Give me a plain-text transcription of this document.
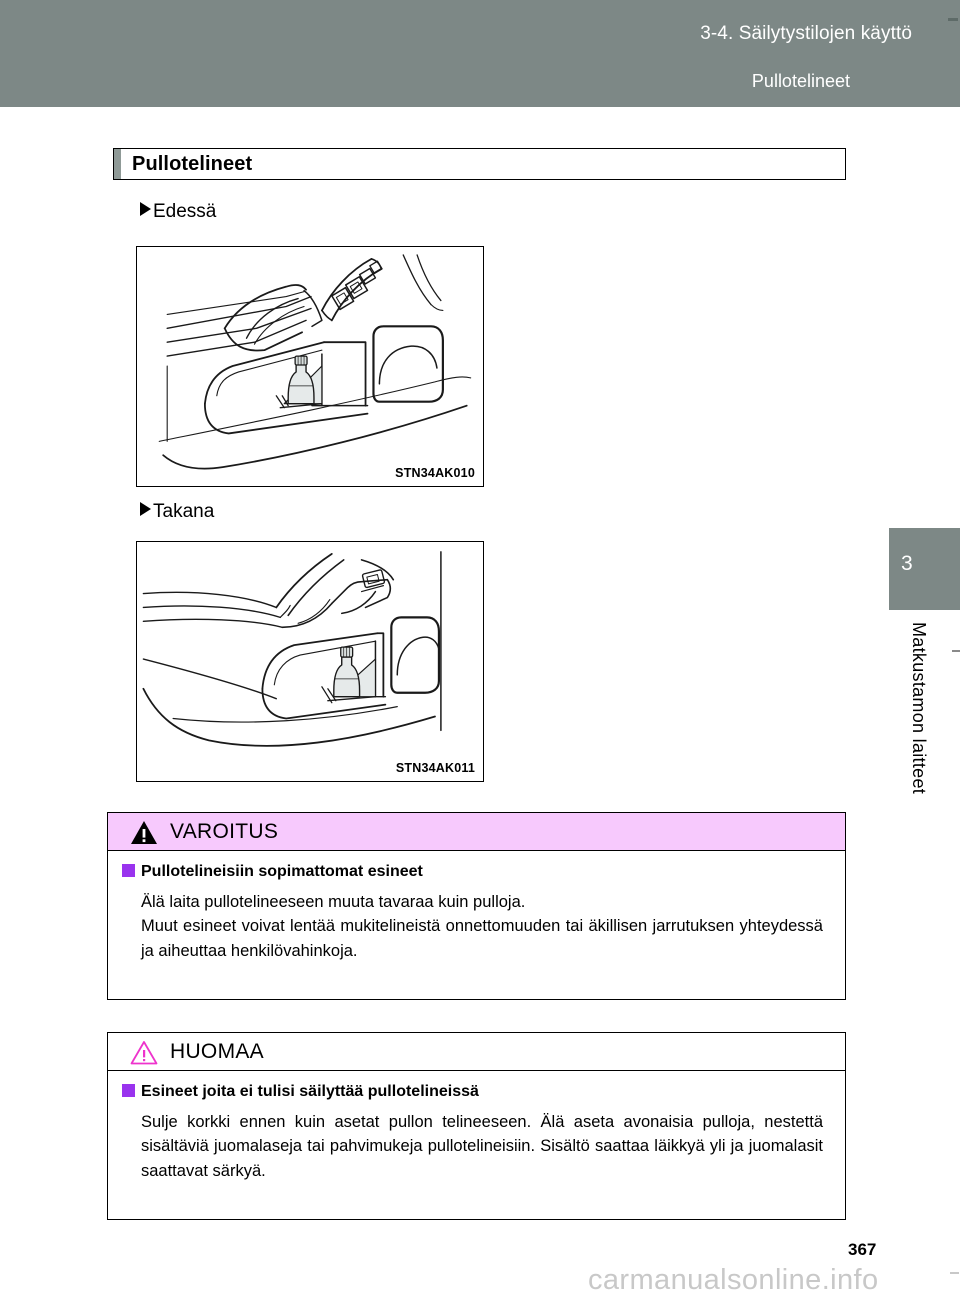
3-4. Säilytystilojen käyttö
Pullotelineet
3
Matkustamon laitteet
Pullotelineet
Edessä
STN34AK010
Takana
STN34AK011
VAROITUS
Pullotelineisiin sopimattomat esineet

Älä laita pullotelineeseen muuta tavaraa kuin pulloja.

Muut esineet voivat lentää mukitelineistä onnettomuuden tai äkillisen jarrutuksen yhteydessä ja aiheuttaa henkilövahinkoja.

HUOMAA
Esineet joita ei tulisi säilyttää pullotelineissä

Sulje korkki ennen kuin asetat pullon telineeseen. Älä aseta avonaisia pulloja, nestettä sisältäviä juomalaseja tai pahvimukeja pullotelineisiin. Sisältö saattaa läikkyä yli ja juomalasit saattavat särkyä.

367
carmanualsonline.info
